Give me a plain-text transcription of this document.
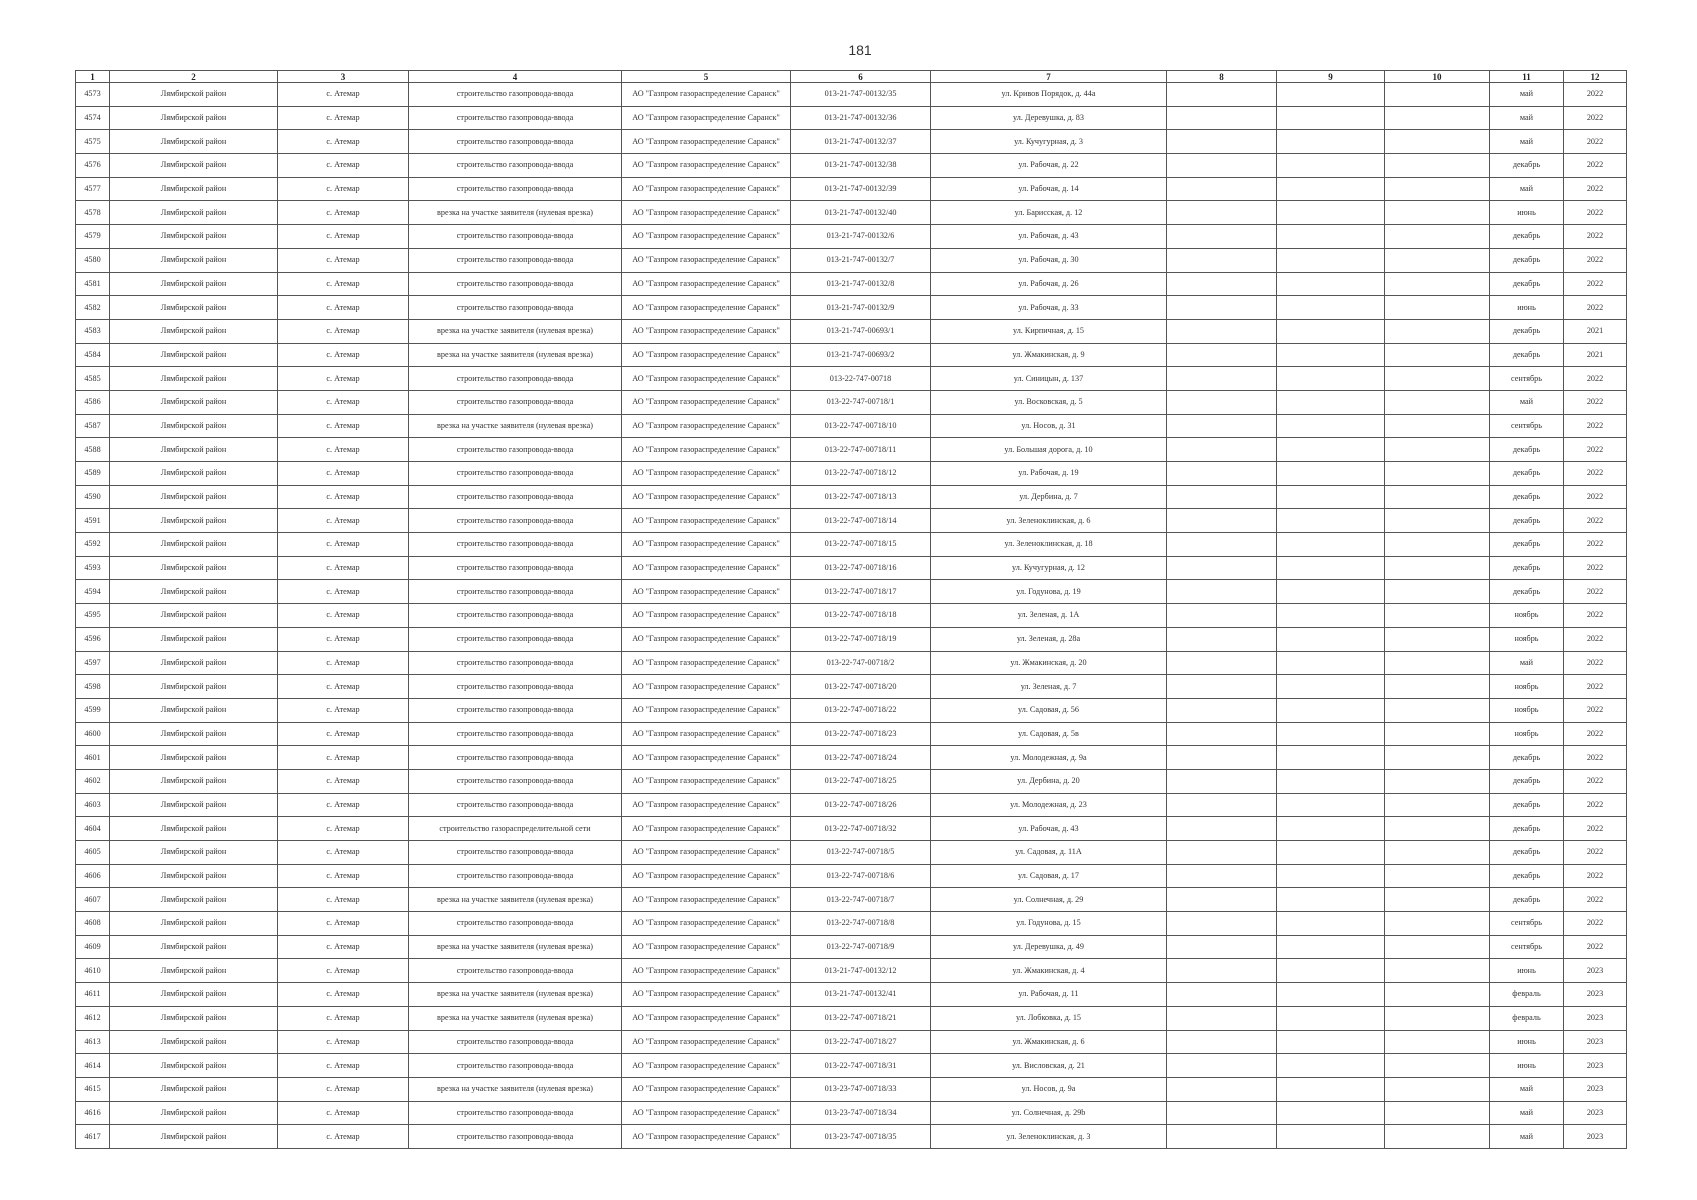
181
1	2	3	4	5	6	7	8	9	10	11	12
4573	Лямбирской район	с. Атемар	строительство газопровода-ввода	АО "Газпром газораспределение Саранск"	013-21-747-00132/35	ул. Кривов Порядок, д. 44а				май	2022
4574	Лямбирской район	с. Атемар	строительство газопровода-ввода	АО "Газпром газораспределение Саранск"	013-21-747-00132/36	ул. Деревушка, д. 83				май	2022
4575	Лямбирской район	с. Атемар	строительство газопровода-ввода	АО "Газпром газораспределение Саранск"	013-21-747-00132/37	ул. Кучугурная, д. 3				май	2022
4576	Лямбирской район	с. Атемар	строительство газопровода-ввода	АО "Газпром газораспределение Саранск"	013-21-747-00132/38	ул. Рабочая, д. 22				декабрь	2022
4577	Лямбирской район	с. Атемар	строительство газопровода-ввода	АО "Газпром газораспределение Саранск"	013-21-747-00132/39	ул. Рабочая, д. 14				май	2022
4578	Лямбирской район	с. Атемар	врезка на участке заявителя (нулевая врезка)	АО "Газпром газораспределение Саранск"	013-21-747-00132/40	ул. Барисская, д. 12				июнь	2022
4579	Лямбирской район	с. Атемар	строительство газопровода-ввода	АО "Газпром газораспределение Саранск"	013-21-747-00132/6	ул. Рабочая, д. 43				декабрь	2022
4580	Лямбирской район	с. Атемар	строительство газопровода-ввода	АО "Газпром газораспределение Саранск"	013-21-747-00132/7	ул. Рабочая, д. 30				декабрь	2022
4581	Лямбирской район	с. Атемар	строительство газопровода-ввода	АО "Газпром газораспределение Саранск"	013-21-747-00132/8	ул. Рабочая, д. 26				декабрь	2022
4582	Лямбирской район	с. Атемар	строительство газопровода-ввода	АО "Газпром газораспределение Саранск"	013-21-747-00132/9	ул. Рабочая, д. 33				июнь	2022
4583	Лямбирской район	с. Атемар	врезка на участке заявителя (нулевая врезка)	АО "Газпром газораспределение Саранск"	013-21-747-00693/1	ул. Кирпичная, д. 15				декабрь	2021
4584	Лямбирской район	с. Атемар	врезка на участке заявителя (нулевая врезка)	АО "Газпром газораспределение Саранск"	013-21-747-00693/2	ул. Жмакинская, д. 9				декабрь	2021
4585	Лямбирской район	с. Атемар	строительство газопровода-ввода	АО "Газпром газораспределение Саранск"	013-22-747-00718	ул. Синицын, д. 137				сентябрь	2022
4586	Лямбирской район	с. Атемар	строительство газопровода-ввода	АО "Газпром газораспределение Саранск"	013-22-747-00718/1	ул. Восковская, д. 5				май	2022
4587	Лямбирской район	с. Атемар	врезка на участке заявителя (нулевая врезка)	АО "Газпром газораспределение Саранск"	013-22-747-00718/10	ул. Носов, д. 31				сентябрь	2022
4588	Лямбирской район	с. Атемар	строительство газопровода-ввода	АО "Газпром газораспределение Саранск"	013-22-747-00718/11	ул. Большая дорога, д. 10				декабрь	2022
4589	Лямбирской район	с. Атемар	строительство газопровода-ввода	АО "Газпром газораспределение Саранск"	013-22-747-00718/12	ул. Рабочая, д. 19				декабрь	2022
4590	Лямбирской район	с. Атемар	строительство газопровода-ввода	АО "Газпром газораспределение Саранск"	013-22-747-00718/13	ул. Дербина, д. 7				декабрь	2022
4591	Лямбирской район	с. Атемар	строительство газопровода-ввода	АО "Газпром газораспределение Саранск"	013-22-747-00718/14	ул. Зеленоклинская, д. 6				декабрь	2022
4592	Лямбирской район	с. Атемар	строительство газопровода-ввода	АО "Газпром газораспределение Саранск"	013-22-747-00718/15	ул. Зеленоклинская, д. 18				декабрь	2022
4593	Лямбирской район	с. Атемар	строительство газопровода-ввода	АО "Газпром газораспределение Саранск"	013-22-747-00718/16	ул. Кучугурная, д. 12				декабрь	2022
4594	Лямбирской район	с. Атемар	строительство газопровода-ввода	АО "Газпром газораспределение Саранск"	013-22-747-00718/17	ул. Годунова, д. 19				декабрь	2022
4595	Лямбирской район	с. Атемар	строительство газопровода-ввода	АО "Газпром газораспределение Саранск"	013-22-747-00718/18	ул. Зеленая, д. 1А				ноябрь	2022
4596	Лямбирской район	с. Атемар	строительство газопровода-ввода	АО "Газпром газораспределение Саранск"	013-22-747-00718/19	ул. Зеленая, д. 28а				ноябрь	2022
4597	Лямбирской район	с. Атемар	строительство газопровода-ввода	АО "Газпром газораспределение Саранск"	013-22-747-00718/2	ул. Жмакинская, д. 20				май	2022
4598	Лямбирской район	с. Атемар	строительство газопровода-ввода	АО "Газпром газораспределение Саранск"	013-22-747-00718/20	ул. Зеленая, д. 7				ноябрь	2022
4599	Лямбирской район	с. Атемар	строительство газопровода-ввода	АО "Газпром газораспределение Саранск"	013-22-747-00718/22	ул. Садовая, д. 56				ноябрь	2022
4600	Лямбирской район	с. Атемар	строительство газопровода-ввода	АО "Газпром газораспределение Саранск"	013-22-747-00718/23	ул. Садовая, д. 5в				ноябрь	2022
4601	Лямбирской район	с. Атемар	строительство газопровода-ввода	АО "Газпром газораспределение Саранск"	013-22-747-00718/24	ул. Молодежная, д. 9а				декабрь	2022
4602	Лямбирской район	с. Атемар	строительство газопровода-ввода	АО "Газпром газораспределение Саранск"	013-22-747-00718/25	ул. Дербина, д. 20				декабрь	2022
4603	Лямбирской район	с. Атемар	строительство газопровода-ввода	АО "Газпром газораспределение Саранск"	013-22-747-00718/26	ул. Молодежная, д. 23				декабрь	2022
4604	Лямбирской район	с. Атемар	строительство газораспределительной сети	АО "Газпром газораспределение Саранск"	013-22-747-00718/32	ул. Рабочая, д. 43				декабрь	2022
4605	Лямбирской район	с. Атемар	строительство газопровода-ввода	АО "Газпром газораспределение Саранск"	013-22-747-00718/5	ул. Садовая, д. 11А				декабрь	2022
4606	Лямбирской район	с. Атемар	строительство газопровода-ввода	АО "Газпром газораспределение Саранск"	013-22-747-00718/6	ул. Садовая, д. 17				декабрь	2022
4607	Лямбирской район	с. Атемар	врезка на участке заявителя (нулевая врезка)	АО "Газпром газораспределение Саранск"	013-22-747-00718/7	ул. Солнечная, д. 29				декабрь	2022
4608	Лямбирской район	с. Атемар	строительство газопровода-ввода	АО "Газпром газораспределение Саранск"	013-22-747-00718/8	ул. Годунова, д. 15				сентябрь	2022
4609	Лямбирской район	с. Атемар	врезка на участке заявителя (нулевая врезка)	АО "Газпром газораспределение Саранск"	013-22-747-00718/9	ул. Деревушка, д. 49				сентябрь	2022
4610	Лямбирской район	с. Атемар	строительство газопровода-ввода	АО "Газпром газораспределение Саранск"	013-21-747-00132/12	ул. Жмакинская, д. 4				июнь	2023
4611	Лямбирской район	с. Атемар	врезка на участке заявителя (нулевая врезка)	АО "Газпром газораспределение Саранск"	013-21-747-00132/41	ул. Рабочая, д. 11				февраль	2023
4612	Лямбирской район	с. Атемар	врезка на участке заявителя (нулевая врезка)	АО "Газпром газораспределение Саранск"	013-22-747-00718/21	ул. Лобковка, д. 15				февраль	2023
4613	Лямбирской район	с. Атемар	строительство газопровода-ввода	АО "Газпром газораспределение Саранск"	013-22-747-00718/27	ул. Жмакинская, д. 6				июнь	2023
4614	Лямбирской район	с. Атемар	строительство газопровода-ввода	АО "Газпром газораспределение Саранск"	013-22-747-00718/31	ул. Висловская, д. 21				июнь	2023
4615	Лямбирской район	с. Атемар	врезка на участке заявителя (нулевая врезка)	АО "Газпром газораспределение Саранск"	013-23-747-00718/33	ул. Носов, д. 9а				май	2023
4616	Лямбирской район	с. Атемар	строительство газопровода-ввода	АО "Газпром газораспределение Саранск"	013-23-747-00718/34	ул. Солнечная, д. 29b				май	2023
4617	Лямбирской район	с. Атемар	строительство газопровода-ввода	АО "Газпром газораспределение Саранск"	013-23-747-00718/35	ул. Зеленоклинская, д. 3				май	2023
